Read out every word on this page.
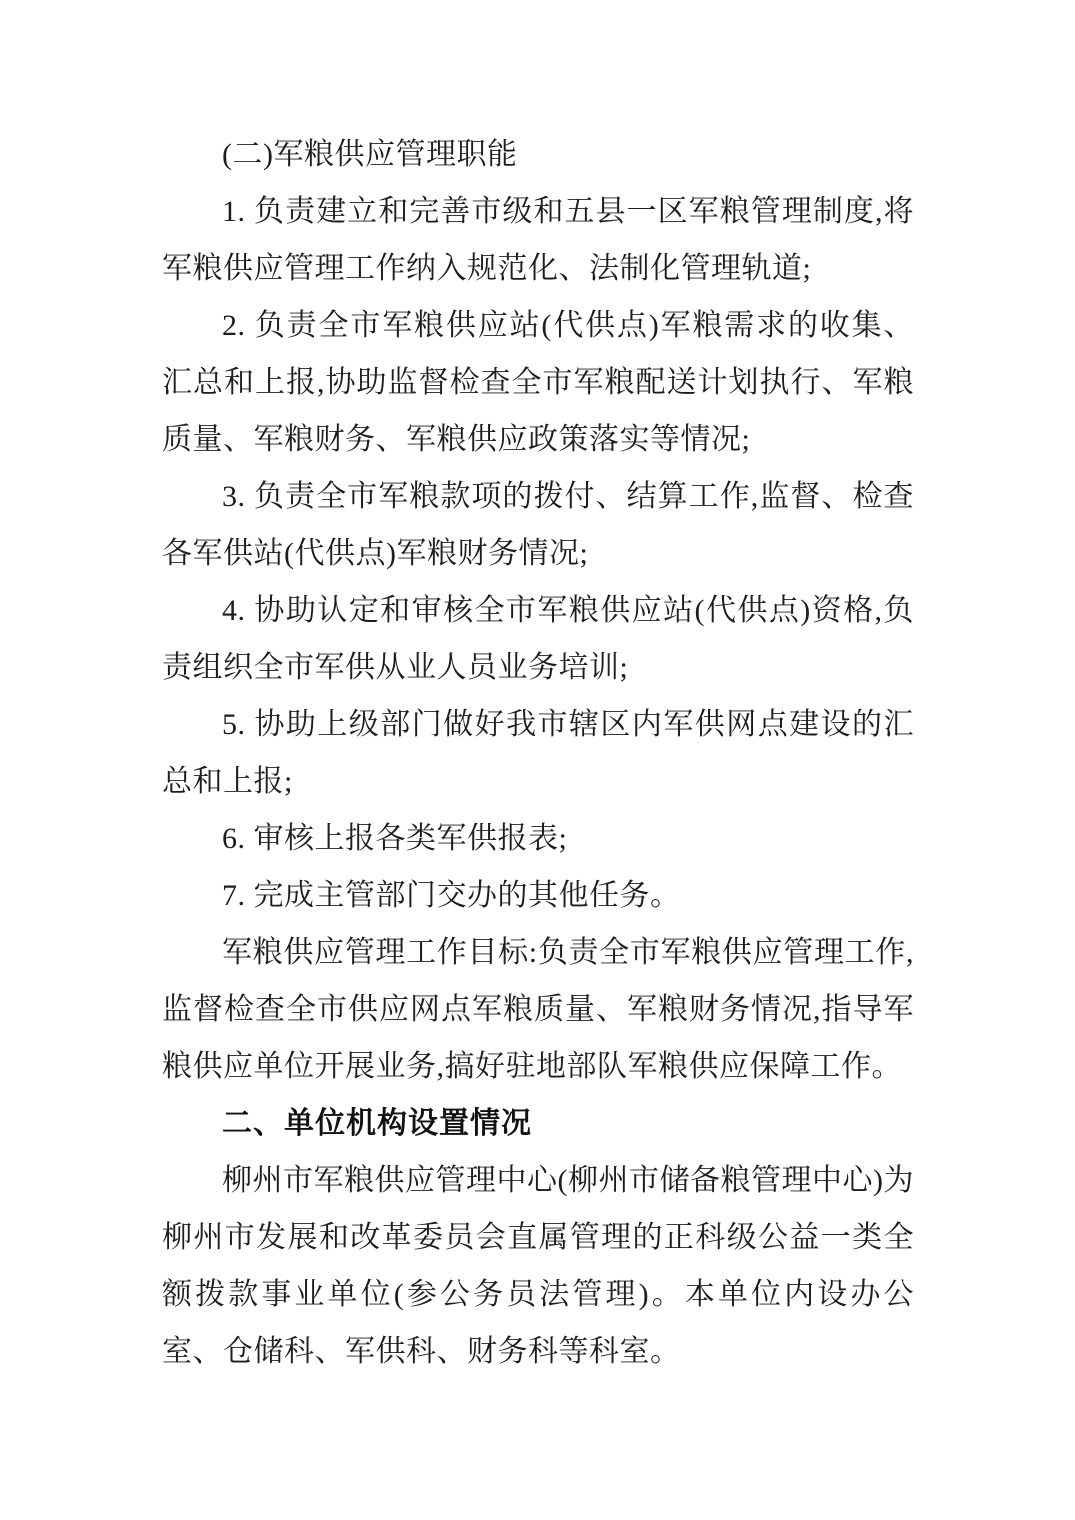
(二)军粮供应管理职能

1. 负责建立和完善市级和五县一区军粮管理制度,将军粮供应管理工作纳入规范化、法制化管理轨道;

2. 负责全市军粮供应站(代供点)军粮需求的收集、汇总和上报,协助监督检查全市军粮配送计划执行、军粮质量、军粮财务、军粮供应政策落实等情况;

3. 负责全市军粮款项的拨付、结算工作,监督、检查各军供站(代供点)军粮财务情况;

4. 协助认定和审核全市军粮供应站(代供点)资格,负责组织全市军供从业人员业务培训;

5. 协助上级部门做好我市辖区内军供网点建设的汇总和上报;

6. 审核上报各类军供报表;

7. 完成主管部门交办的其他任务。

军粮供应管理工作目标:负责全市军粮供应管理工作,监督检查全市供应网点军粮质量、军粮财务情况,指导军粮供应单位开展业务,搞好驻地部队军粮供应保障工作。

二、单位机构设置情况

柳州市军粮供应管理中心(柳州市储备粮管理中心)为柳州市发展和改革委员会直属管理的正科级公益一类全额拨款事业单位(参公务员法管理)。本单位内设办公室、仓储科、军供科、财务科等科室。
